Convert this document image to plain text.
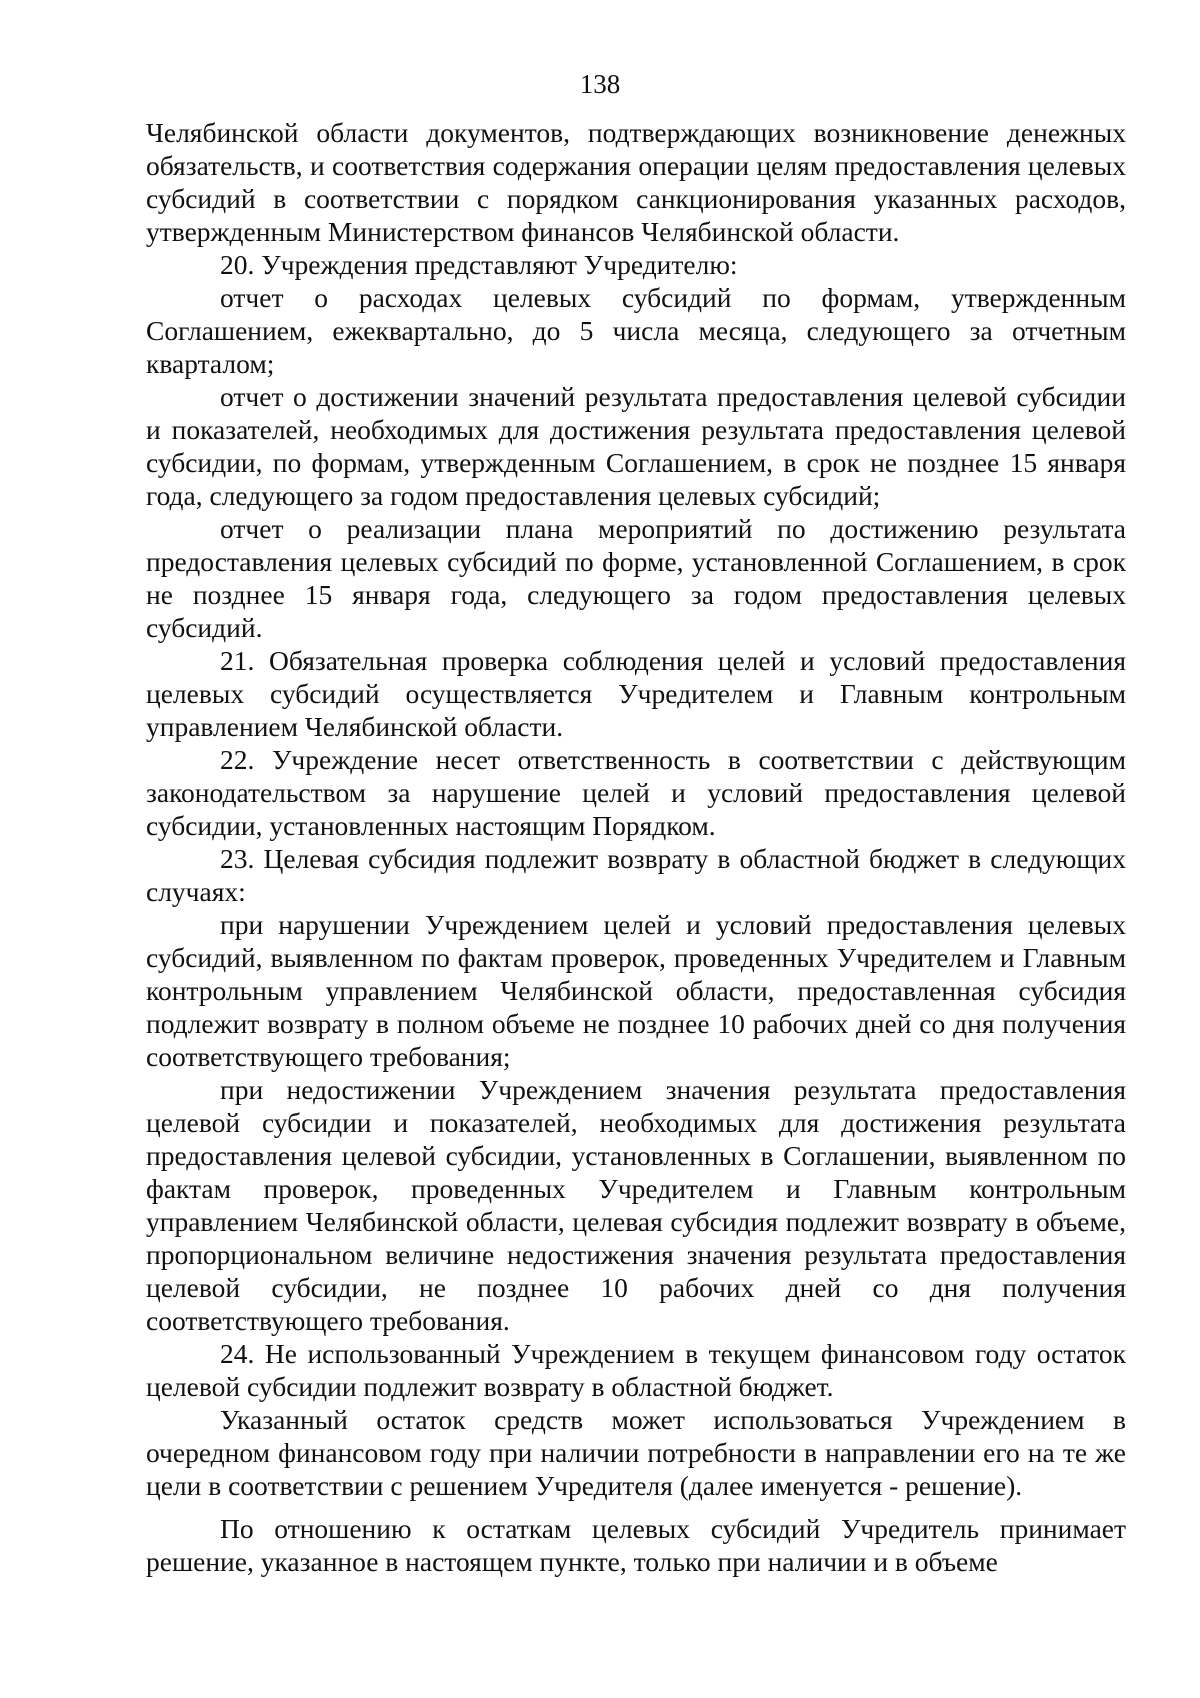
138

Челябинской области документов, подтверждающих возникновение денежных обязательств, и соответствия содержания операции целям предоставления целевых субсидий в соответствии с порядком санкционирования указанных расходов, утвержденным Министерством финансов Челябинской области.

20. Учреждения представляют Учредителю:

отчет о расходах целевых субсидий по формам, утвержденным Соглашением, ежеквартально, до 5 числа месяца, следующего за отчетным кварталом;

отчет о достижении значений результата предоставления целевой субсидии и показателей, необходимых для достижения результата предоставления целевой субсидии, по формам, утвержденным Соглашением, в срок не позднее 15 января года, следующего за годом предоставления целевых субсидий;

отчет о реализации плана мероприятий по достижению результата предоставления целевых субсидий по форме, установленной Соглашением, в срок не позднее 15 января года, следующего за годом предоставления целевых субсидий.

21. Обязательная проверка соблюдения целей и условий предоставления целевых субсидий осуществляется Учредителем и Главным контрольным управлением Челябинской области.

22. Учреждение несет ответственность в соответствии с действующим законодательством за нарушение целей и условий предоставления целевой субсидии, установленных настоящим Порядком.

23. Целевая субсидия подлежит возврату в областной бюджет в следующих случаях:

при нарушении Учреждением целей и условий предоставления целевых субсидий, выявленном по фактам проверок, проведенных Учредителем и Главным контрольным управлением Челябинской области, предоставленная субсидия подлежит возврату в полном объеме не позднее 10 рабочих дней со дня получения соответствующего требования;

при недостижении Учреждением значения результата предоставления целевой субсидии и показателей, необходимых для достижения результата предоставления целевой субсидии, установленных в Соглашении, выявленном по фактам проверок, проведенных Учредителем и Главным контрольным управлением Челябинской области, целевая субсидия подлежит возврату в объеме, пропорциональном величине недостижения значения результата предоставления целевой субсидии, не позднее 10 рабочих дней со дня получения соответствующего требования.

24. Не использованный Учреждением в текущем финансовом году остаток целевой субсидии подлежит возврату в областной бюджет.

Указанный остаток средств может использоваться Учреждением в очередном финансовом году при наличии потребности в направлении его на те же цели в соответствии с решением Учредителя (далее именуется - решение).

По отношению к остаткам целевых субсидий Учредитель принимает решение, указанное в настоящем пункте, только при наличии и в объеме
